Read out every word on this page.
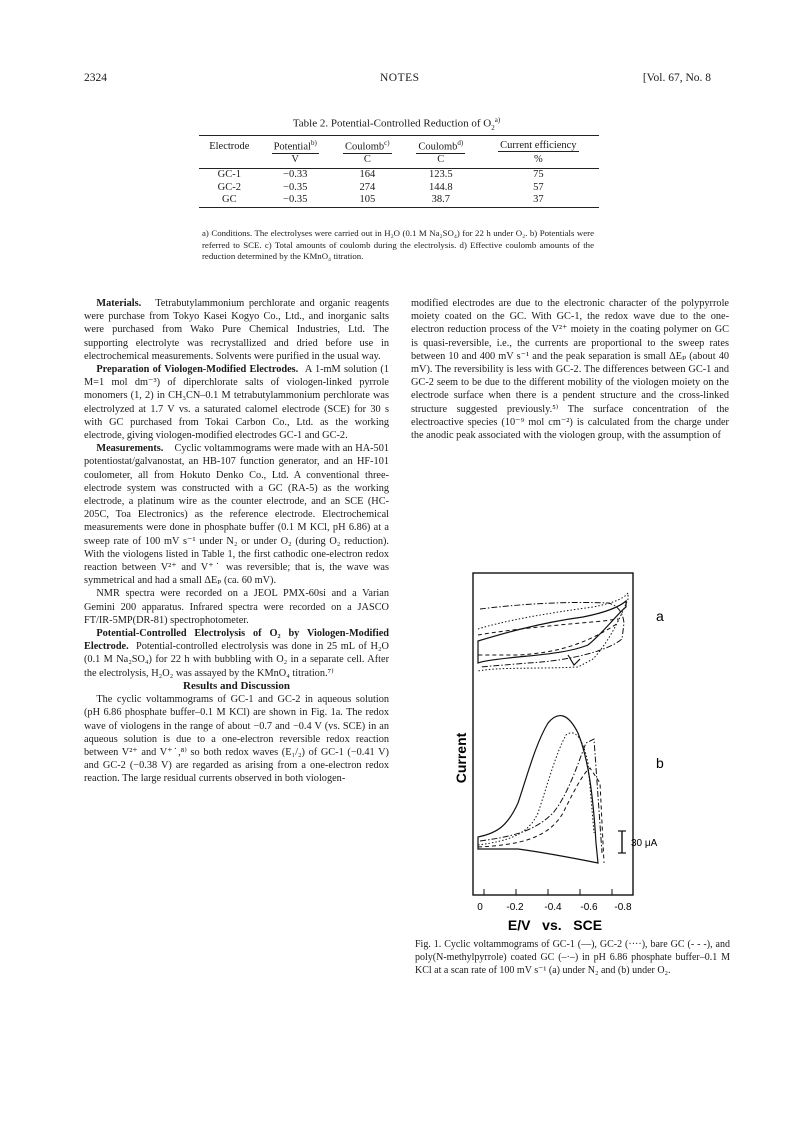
2324	NOTES	[Vol. 67, No. 8
Table 2. Potential-Controlled Reduction of $O_2^{a)}$
Electrode	Potential$^{b)}$	Coulomb$^{c)}$	Coulomb$^{d)}$	Current efficiency
	V	C	C	%
GC-1	−0.33	164	123.5	75
GC-2	−0.35	274	144.8	57
GC	−0.35	105	38.7	37
a) Conditions. The electrolyses were carried out in H₂O (0.1 M Na₂SO₄) for 22 h under O₂. b) Potentials were referred to SCE. c) Total amounts of coulomb during the electrolysis. d) Effective coulomb amounts of the reduction determined by the KMnO₄ titration.

Materials. Tetrabutylammonium perchlorate and organic reagents were purchase from Tokyo Kasei Kogyo Co., Ltd., and inorganic salts were purchased from Wako Pure Chemical Industries, Ltd. The supporting electrolyte was recrystallized and dried before use in electrochemical measurements. Solvents were purified in the usual way.

Preparation of Viologen-Modified Electrodes. A 1-mM solution (1 M=1 mol dm⁻³) of diperchlorate salts of viologen-linked pyrrole monomers (1, 2) in CH₃CN–0.1 M tetrabutylammonium perchlorate was electrolyzed at 1.7 V vs. a saturated calomel electrode (SCE) for 30 s with GC purchased from Tokai Carbon Co., Ltd. as the working electrode, giving viologen-modified electrodes GC-1 and GC-2.

Measurements. Cyclic voltammograms were made with an HA-501 potentiostat/galvanostat, an HB-107 function generator, and an HF-101 coulometer, all from Hokuto Denko Co., Ltd. A conventional three-electrode system was constructed with a GC (RA-5) as the working electrode, a platinum wire as the counter electrode, and an SCE (HC-205C, Toa Electronics) as the reference electrode. Electrochemical measurements were done in phosphate buffer (0.1 M KCl, pH 6.86) at a sweep rate of 100 mV s⁻¹ under N₂ or under O₂ (during O₂ reduction). With the viologens listed in Table 1, the first cathodic one-electron redox reaction between V²⁺ and V⁺˙ was reversible; that is, the wave was symmetrical and had a small ΔEₚ (ca. 60 mV).

NMR spectra were recorded on a JEOL PMX-60si and a Varian Gemini 200 apparatus. Infrared spectra were recorded on a JASCO FT/IR-5MP(DR-81) spectrophotometer.

Potential-Controlled Electrolysis of O₂ by Viologen-Modified Electrode. Potential-controlled electrolysis was done in 25 mL of H₂O (0.1 M Na₂SO₄) for 22 h with bubbling with O₂ in a separate cell. After the electrolysis, H₂O₂ was assayed by the KMnO₄ titration.⁷⁾

Results and Discussion

The cyclic voltammograms of GC-1 and GC-2 in aqueous solution (pH 6.86 phosphate buffer–0.1 M KCl) are shown in Fig. 1a. The redox wave of viologens in the range of about −0.7 and −0.4 V (vs. SCE) in an aqueous solution is due to a one-electron reversible redox reaction between V²⁺ and V⁺˙,⁸⁾ so both redox waves (E₁/₂) of GC-1 (−0.41 V) and GC-2 (−0.38 V) are regarded as arising from a one-electron redox reaction. The large residual currents observed in both viologen-

modified electrodes are due to the electronic character of the polypyrrole moiety coated on the GC. With GC-1, the redox wave due to the one-electron reduction process of the V²⁺ moiety in the coating polymer on GC is quasi-reversible, i.e., the currents are proportional to the sweep rates between 10 and 400 mV s⁻¹ and the peak separation is small ΔEₚ (about 40 mV). The reversibility is less with GC-2. The differences between GC-1 and GC-2 seem to be due to the different mobility of the viologen moiety on the electrode surface when there is a pendent structure and the cross-linked structure suggested previously.⁵⁾ The surface concentration of the electroactive species (10⁻⁹ mol cm⁻²) is calculated from the charge under the anodic peak associated with the viologen group, with the assumption of

a
b
Current
30 μA
0 -0.2 -0.4 -0.6 -0.8
E/V   vs.   SCE
Fig. 1. Cyclic voltammograms of GC-1 (—), GC-2 (····), bare GC (- - -), and poly(N-methylpyrrole) coated GC (–·–) in pH 6.86 phosphate buffer–0.1 M KCl at a scan rate of 100 mV s⁻¹ (a) under N₂ and (b) under O₂.
